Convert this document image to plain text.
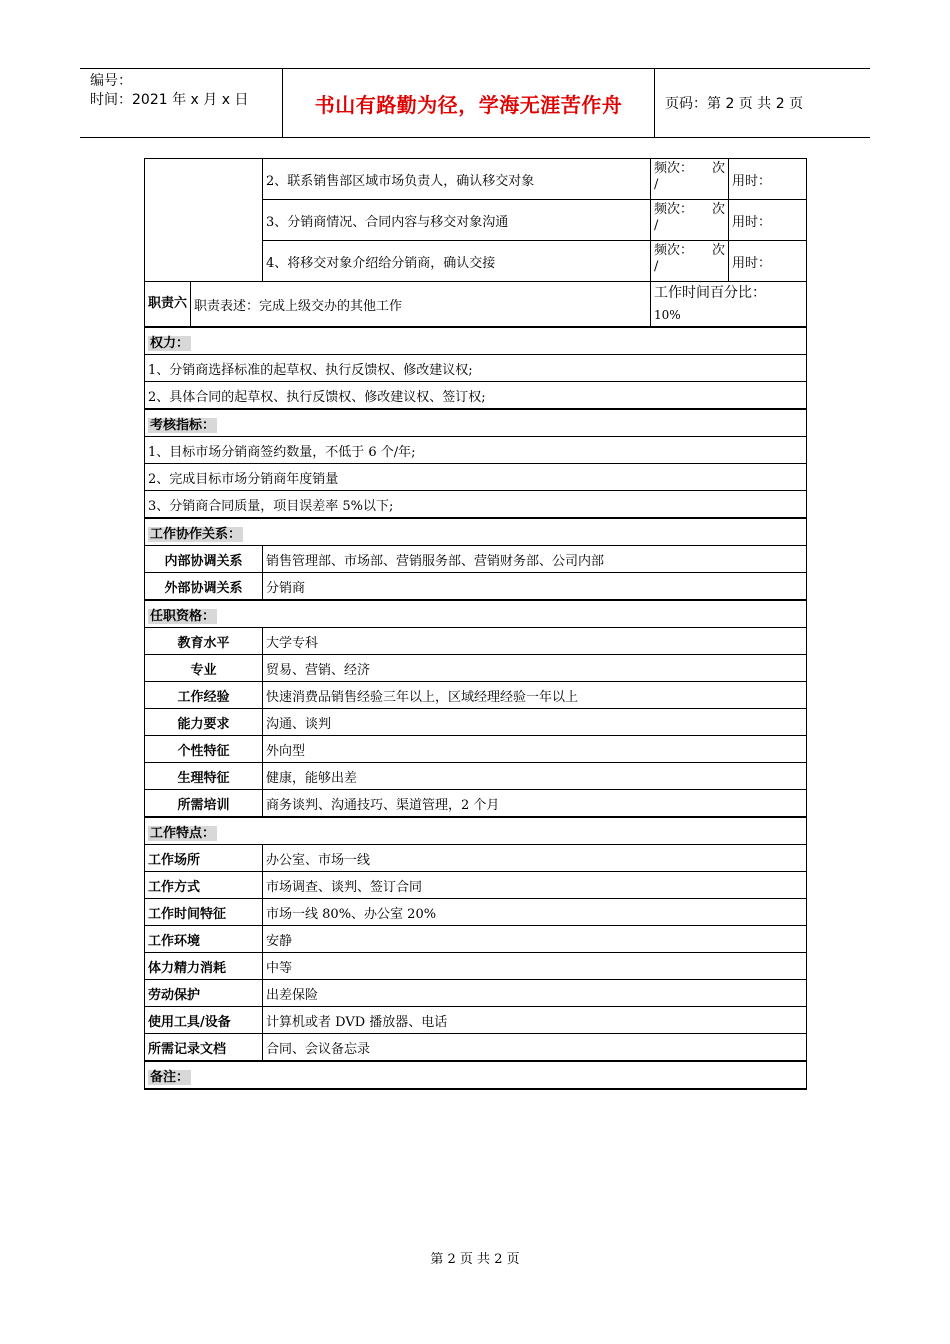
编号：
时间：2021 年 x 月 x 日	书山有路勤为径，学海无涯苦作舟	页码：第 2 页 共 2 页
		2、联系销售部区域市场负责人，确认移交对象	频次： 次
/	用时：
		3、分销商情况、合同内容与移交对象沟通	频次： 次
/	用时：
		4、将移交对象介绍给分销商，确认交接	频次： 次
/	用时：
职责六	职责表述：完成上级交办的其他工作		工作时间百分比：
10%	

权力：				
1、分销商选择标准的起草权、执行反馈权、修改建议权;				
2、具体合同的起草权、执行反馈权、修改建议权、签订权;				
考核指标：				
1、目标市场分销商签约数量，不低于 6 个/年;				
2、完成目标市场分销商年度销量				
3、分销商合同质量，项目误差率 5%以下;				
工作协作关系：				
内部协调关系		销售管理部、市场部、营销服务部、营销财务部、公司内部		
外部协调关系		分销商		
任职资格：				
教育水平		大学专科		
专业		贸易、营销、经济		
工作经验		快速消费品销售经验三年以上，区域经理经验一年以上		
能力要求		沟通、谈判		
个性特征		外向型		
生理特征		健康，能够出差		
所需培训		商务谈判、沟通技巧、渠道管理，2 个月		
工作特点：				
工作场所		办公室、市场一线		
工作方式		市场调查、谈判、签订合同		
工作时间特征		市场一线 80%、办公室 20%		
工作环境		安静		
体力精力消耗		中等		
劳动保护		出差保险		
使用工具/设备		计算机或者 DVD 播放器、电话		
所需记录文档		合同、会议备忘录		
备注：				
第 2 页 共 2 页
